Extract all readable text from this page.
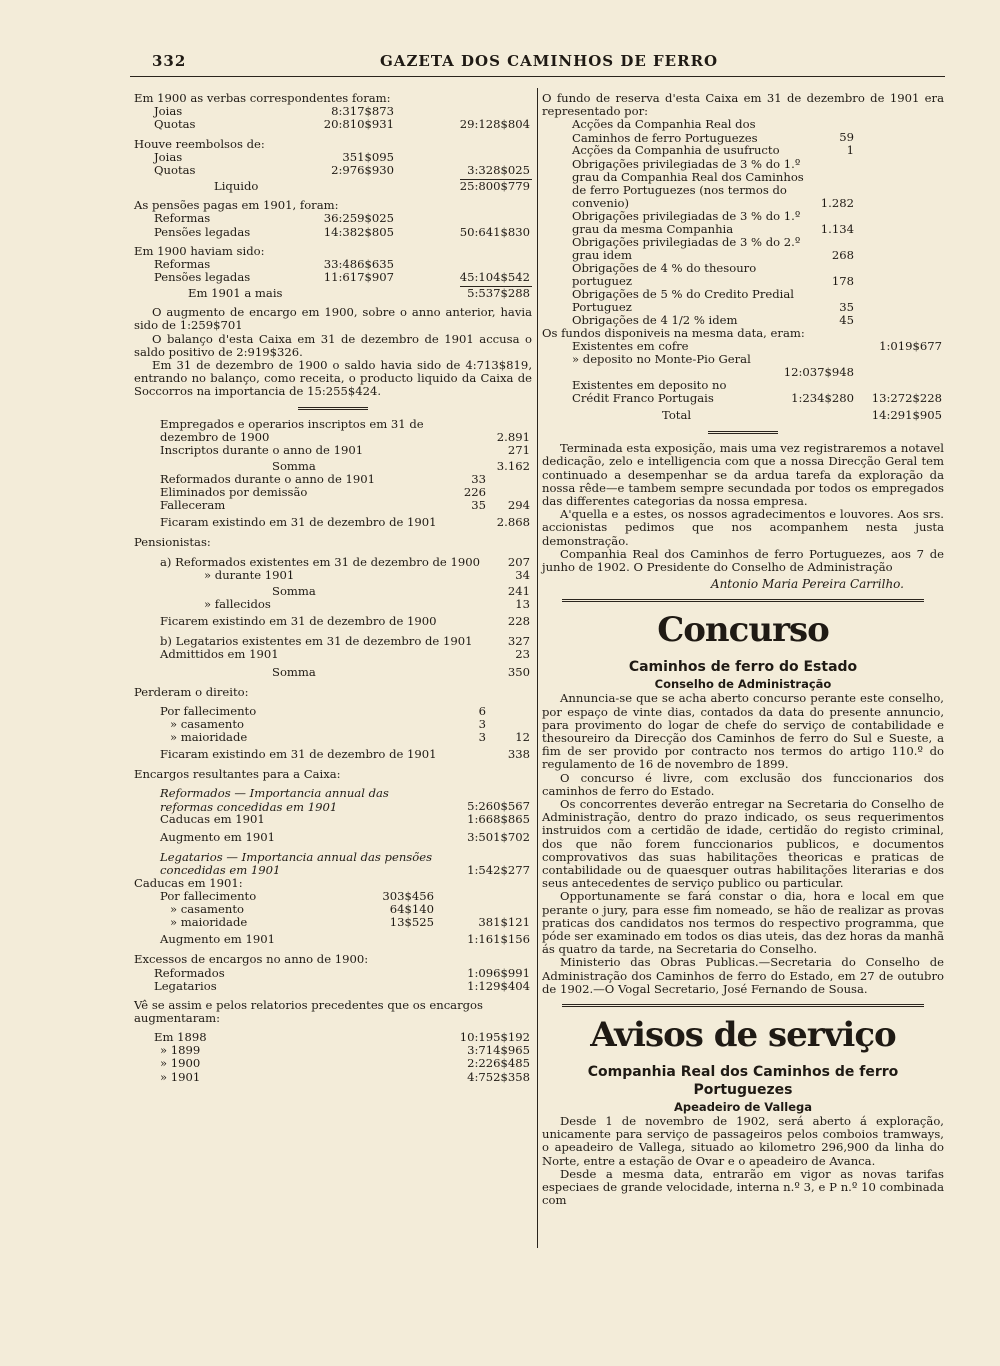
332	GAZETA DOS CAMINHOS DE FERRO
Em 1900 as verbas correspondentes foram:
Joias	8:317$873
Quotas	20:810$931	29:128$804
Houve reembolsos de:
Joias	351$095
Quotas	2:976$930	3:328$025
Liquido	25:800$779
As pensões pagas em 1901, foram:
Reformas	36:259$025
Pensões legadas	14:382$805	50:641$830
Em 1900 haviam sido:
Reformas	33:486$635
Pensões legadas	11:617$907	45:104$542
Em 1901 a mais	5:537$288

O augmento de encargo em 1900, sobre o anno anterior, havia sido de 1:259$701

O balanço d'esta Caixa em 31 de dezembro de 1901 accusa o saldo positivo de 2:919$326.

Em 31 de dezembro de 1900 o saldo havia sido de 4:713$819, entrando no balanço, como receita, o producto liquido da Caixa de Soccorros na importancia de 15:255$424.

Empregados e operarios inscriptos em 31 de dezembro de 1900	2.891
Inscriptos durante o anno de 1901	271
Somma	3.162
Reformados durante o anno de 1901	33
Eliminados por demissão	226
Falleceram	35 294
Ficaram existindo em 31 de dezembro de 1901	2.868
Pensionistas:
a) Reformados existentes em 31 de dezembro de 1900 207
» durante 1901	34
Somma	241
» fallecidos	13
Ficarem existindo em 31 de dezembro de 1900	228
b) Legatarios existentes em 31 de dezembro de 1901	327
Admittidos em 1901	23
Somma	350
Perderam o direito:
Por fallecimento	6
» casamento	3
» maioridade	3	12
Ficaram existindo em 31 de dezembro de 1901	338
Encargos resultantes para a Caixa:
Reformados — Importancia annual das reformas concedidas em 1901	5:260$567
Caducas em 1901	1:668$865
Augmento em 1901	3:501$702
Legatarios — Importancia annual das pensões concedidas em 1901	1:542$277
Caducas em 1901:
Por fallecimento	303$456
» casamento	64$140
» maioridade	13$525	381$121
Augmento em 1901	1:161$156
Excessos de encargos no anno de 1900:
Reformados	1:096$991
Legatarios	1:129$404
Vê se assim e pelos relatorios precedentes que os encargos augmentaram:
Em 1898	10:195$192
» 1899	3:714$965
» 1900	2:226$485
» 1901	4:752$358

O fundo de reserva d'esta Caixa em 31 de dezembro de 1901 era representado por:

Acções da Companhia Real dos Caminhos de ferro Portuguezes	59
Acções da Companhia de usufructo	1
Obrigações privilegiadas de 3 % do 1.º grau da Companhia Real dos Caminhos de ferro Portuguezes (nos termos do convenio)	1.282
Obrigações privilegiadas de 3 % do 1.º grau da mesma Companhia	1.134
Obrigações privilegiadas de 3 % do 2.º grau idem	268
Obrigações de 4 % do thesouro portuguez	178
Obrigações de 5 % do Credito Predial Portuguez	35
Obrigações de 4 1/2 % idem	45
Os fundos disponiveis na mesma data, eram:
Existentes em cofre	1:019$677
» deposito no Monte-Pio Geral
12:037$948
Existentes em deposito no Crédit Franco Portugais	1:234$280 13:272$228
Total	14:291$905

Terminada esta exposição, mais uma vez registraremos a notavel dedicação, zelo e intelligencia com que a nossa Direcção Geral tem continuado a desempenhar se da ardua tarefa da exploração da nossa rêde—e tambem sempre secundada por todos os empregados das differentes categorias da nossa empresa.

A'quella e a estes, os nossos agradecimentos e louvores. Aos srs. accionistas pedimos que nos acompanhem nesta justa demonstração.

Companhia Real dos Caminhos de ferro Portuguezes, aos 7 de junho de 1902. O Presidente do Conselho de Administração

Antonio Maria Pereira Carrilho.
Concurso
Caminhos de ferro do Estado
Conselho de Administração

Annuncia-se que se acha aberto concurso perante este conselho, por espaço de vinte dias, contados da data do presente annuncio, para provimento do logar de chefe do serviço de contabilidade e thesoureiro da Direcção dos Caminhos de ferro do Sul e Sueste, a fim de ser provido por contracto nos termos do artigo 110.º do regulamento de 16 de novembro de 1899.

O concurso é livre, com exclusão dos funccionarios dos caminhos de ferro do Estado.

Os concorrentes deverão entregar na Secretaria do Conselho de Administração, dentro do prazo indicado, os seus requerimentos instruidos com a certidão de idade, certidão do registo criminal, dos que não forem funccionarios publicos, e documentos comprovativos das suas habilitações theoricas e praticas de contabilidade ou de quaesquer outras habilitações literarias e dos seus antecedentes de serviço publico ou particular.

Opportunamente se fará constar o dia, hora e local em que perante o jury, para esse fim nomeado, se hão de realizar as provas praticas dos candidatos nos termos do respectivo programma, que póde ser examinado em todos os dias uteis, das dez horas da manhã ás quatro da tarde, na Secretaria do Conselho.

Ministerio das Obras Publicas.—Secretaria do Conselho de Administração dos Caminhos de ferro do Estado, em 27 de outubro de 1902.—O Vogal Secretario, José Fernando de Sousa.

Avisos de serviço
Companhia Real dos Caminhos de ferro Portuguezes
Apeadeiro de Vallega

Desde 1 de novembro de 1902, será aberto á exploração, unicamente para serviço de passageiros pelos comboios tramways, o apeadeiro de Vallega, situado ao kilometro 296,900 da linha do Norte, entre a estação de Ovar e o apeadeiro de Avanca.

Desde a mesma data, entrarão em vigor as novas tarifas especiaes de grande velocidade, interna n.º 3, e P n.º 10 combinada com
